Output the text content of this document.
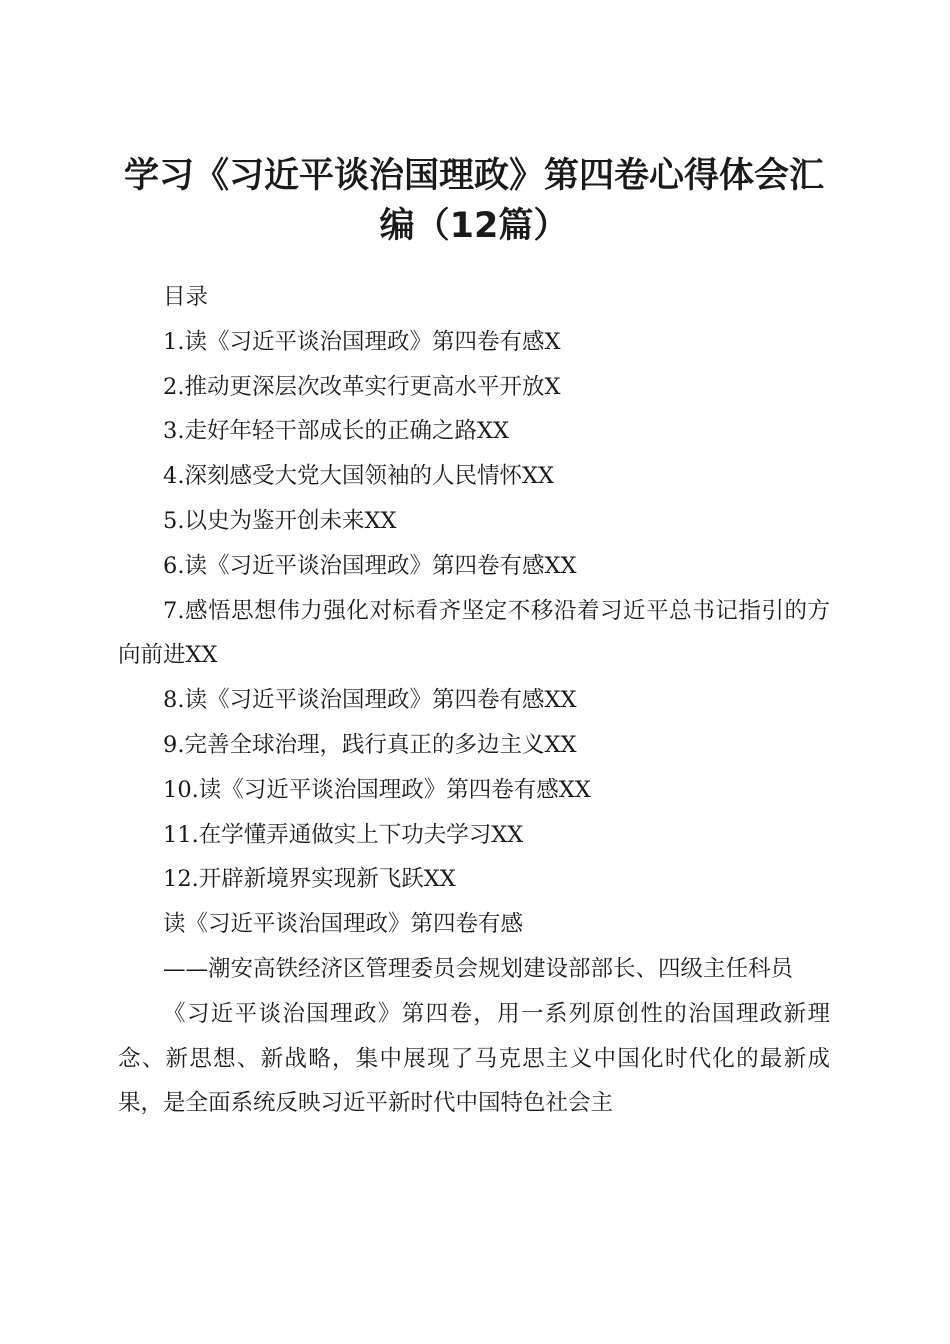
学习《习近平谈治国理政》第四卷心得体会汇
编（12篇）

目录

1.读《习近平谈治国理政》第四卷有感X

2.推动更深层次改革实行更高水平开放X

3.走好年轻干部成长的正确之路XX

4.深刻感受大党大国领袖的人民情怀XX

5.以史为鉴开创未来XX

6.读《习近平谈治国理政》第四卷有感XX

7.感悟思想伟力强化对标看齐坚定不移沿着习近平总书记指引的方向前进XX

8.读《习近平谈治国理政》第四卷有感XX

9.完善全球治理，践行真正的多边主义XX

10.读《习近平谈治国理政》第四卷有感XX

11.在学懂弄通做实上下功夫学习XX

12.开辟新境界实现新飞跃XX

读《习近平谈治国理政》第四卷有感

——潮安高铁经济区管理委员会规划建设部部长、四级主任科员

《习近平谈治国理政》第四卷，用一系列原创性的治国理政新理念、新思想、新战略，集中展现了马克思主义中国化时代化的最新成果，是全面系统反映习近平新时代中国特色社会主
